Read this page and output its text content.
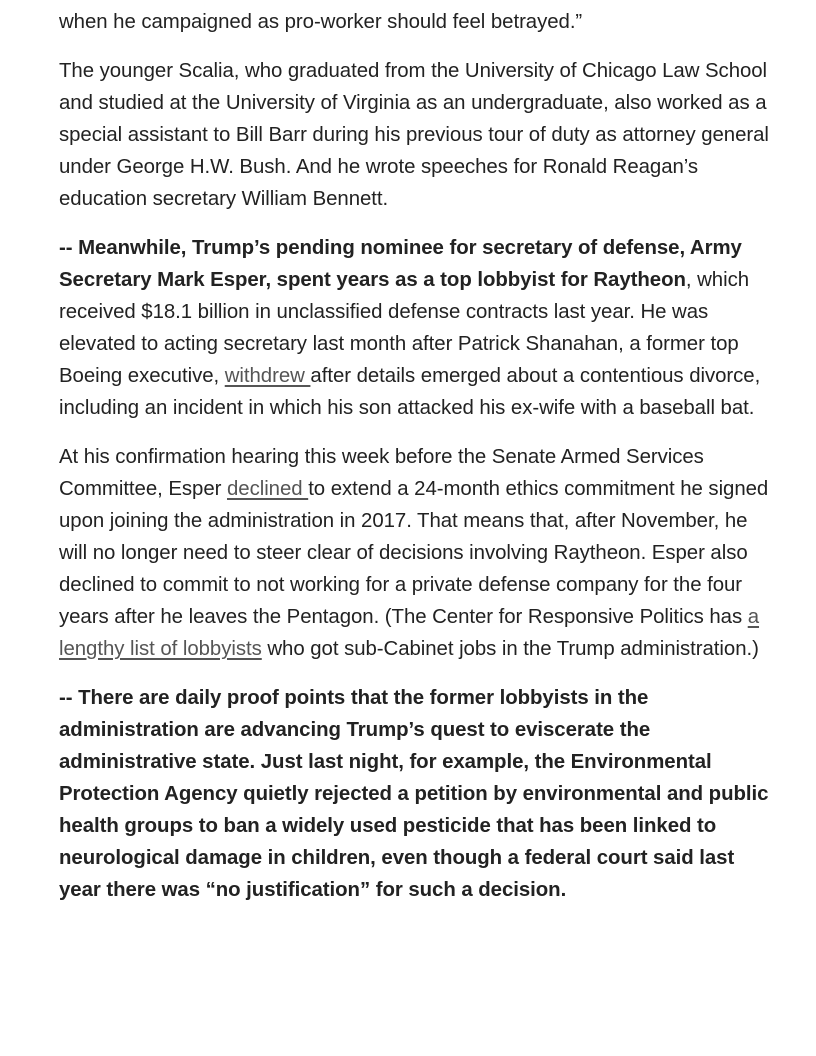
when he campaigned as pro-worker should feel betrayed.”

The younger Scalia, who graduated from the University of Chicago Law School and studied at the University of Virginia as an undergraduate, also worked as a special assistant to Bill Barr during his previous tour of duty as attorney general under George H.W. Bush. And he wrote speeches for Ronald Reagan’s education secretary William Bennett.

-- Meanwhile, Trump’s pending nominee for secretary of defense, Army Secretary Mark Esper, spent years as a top lobbyist for Raytheon, which received $18.1 billion in unclassified defense contracts last year. He was elevated to acting secretary last month after Patrick Shanahan, a former top Boeing executive, withdrew after details emerged about a contentious divorce, including an incident in which his son attacked his ex-wife with a baseball bat.

At his confirmation hearing this week before the Senate Armed Services Committee, Esper declined to extend a 24-month ethics commitment he signed upon joining the administration in 2017. That means that, after November, he will no longer need to steer clear of decisions involving Raytheon. Esper also declined to commit to not working for a private defense company for the four years after he leaves the Pentagon. (The Center for Responsive Politics has a lengthy list of lobbyists who got sub-Cabinet jobs in the Trump administration.)

-- There are daily proof points that the former lobbyists in the administration are advancing Trump’s quest to eviscerate the administrative state. Just last night, for example, the Environmental Protection Agency quietly rejected a petition by environmental and public health groups to ban a widely used pesticide that has been linked to neurological damage in children, even though a federal court said last year there was “no justification” for such a decision.
